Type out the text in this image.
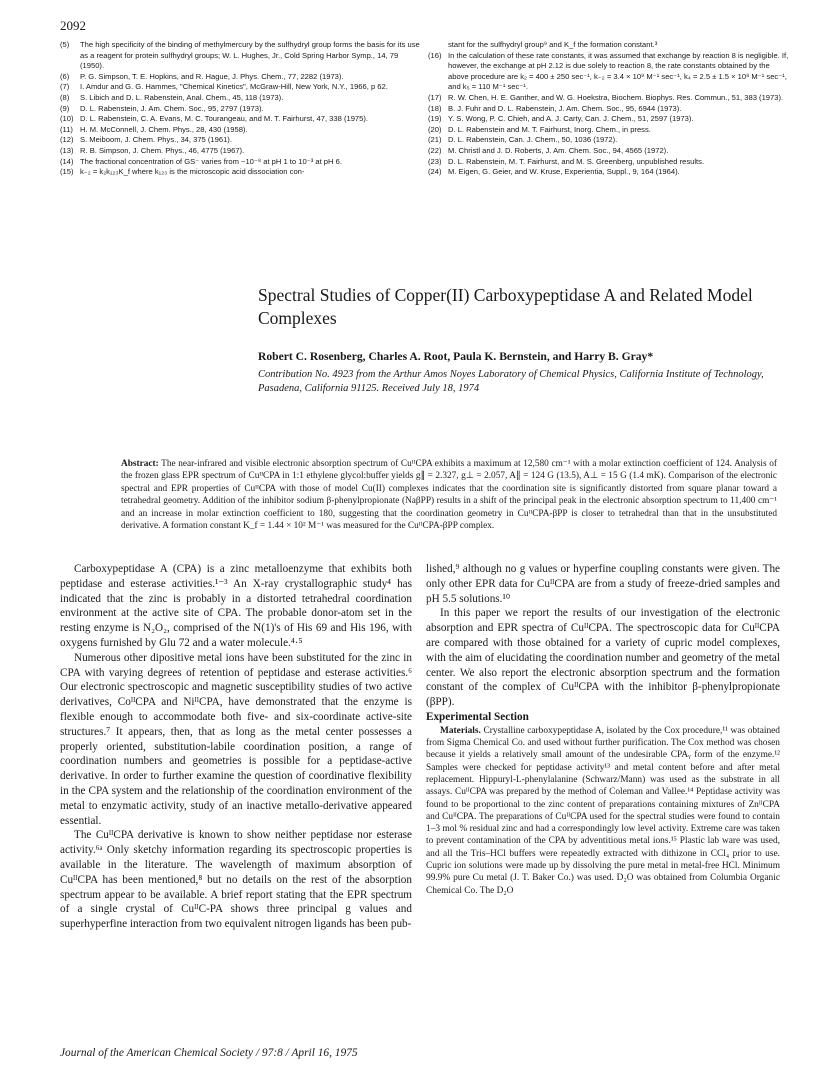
2092
(5)	The high specificity of the binding of methylmercury by the sulfhydryl group forms the basis for its use as a reagent for protein sulfhydryl groups; W. L. Hughes, Jr., Cold Spring Harbor Symp., 14, 79 (1950).
(6)	P. G. Simpson, T. E. Hopkins, and R. Hague, J. Phys. Chem., 77, 2282 (1973).
(7)	I. Amdur and G. G. Hammes, "Chemical Kinetics", McGraw-Hill, New York, N.Y., 1966, p 62.
(8)	S. Libich and D. L. Rabenstein, Anal. Chem., 45, 118 (1973).
(9)	D. L. Rabenstein, J. Am. Chem. Soc., 95, 2797 (1973).
(10) D. L. Rabenstein, C. A. Evans, M. C. Tourangeau, and M. T. Fairhurst, 47, 338 (1975).
(11) H. M. McConnell, J. Chem. Phys., 28, 430 (1958).
(12) S. Meiboom, J. Chem. Phys., 34, 375 (1961).
(13) R. B. Simpson, J. Chem. Phys., 46, 4775 (1967).
(14) The fractional concentration of GS⁻ varies from ~10⁻⁸ at pH 1 to 10⁻³ at pH 6.
(15) k₋₂ = k₂k₁₂₃K_f where k₁₂₃ is the microscopic acid dissociation con-
stant for the sulfhydryl group⁹ and K_f the formation constant.³
(16) In the calculation of these rate constants, it was assumed that exchange by reaction 8 is negligible. If, however, the exchange at pH 2.12 is due solely to reaction 8, the rate constants obtained by the above procedure are k₂ = 400 ± 250 sec⁻¹, k₋₂ = 3.4 × 10⁹ M⁻¹ sec⁻¹, k₄ = 2.5 ± 1.5 × 10⁸ M⁻¹ sec⁻¹, and k₅ = 110 M⁻¹ sec⁻¹.
(17) R. W. Chen, H. E. Ganther, and W. G. Hoekstra, Biochem. Biophys. Res. Commun., 51, 383 (1973).
(18) B. J. Fuhr and D. L. Rabenstein, J. Am. Chem. Soc., 95, 6944 (1973).
(19) Y. S. Wong, P. C. Chieh, and A. J. Carty, Can. J. Chem., 51, 2597 (1973).
(20) D. L. Rabenstein and M. T. Fairhurst, Inorg. Chem., in press.
(21) D. L. Rabenstein, Can. J. Chem., 50, 1036 (1972).
(22) M. Christl and J. D. Roberts, J. Am. Chem. Soc., 94, 4565 (1972).
(23) D. L. Rabenstein, M. T. Fairhurst, and M. S. Greenberg, unpublished results.
(24) M. Eigen, G. Geier, and W. Kruse, Experientia, Suppl., 9, 164 (1964).
Spectral Studies of Copper(II) Carboxypeptidase A and Related Model Complexes
Robert C. Rosenberg, Charles A. Root, Paula K. Bernstein, and Harry B. Gray*
Contribution No. 4923 from the Arthur Amos Noyes Laboratory of Chemical Physics, California Institute of Technology, Pasadena, California 91125. Received July 18, 1974
Abstract: The near-infrared and visible electronic absorption spectrum of CuᴵᴵCPA exhibits a maximum at 12,580 cm⁻¹ with a molar extinction coefficient of 124. Analysis of the frozen glass EPR spectrum of CuᴵᴵCPA in 1:1 ethylene glycol:buffer yields g∥ = 2.327, g⊥ = 2.057, A∥ = 124 G (13.5), A⊥ = 15 G (1.4 mK). Comparison of the electronic spectral and EPR properties of CuᴵᴵCPA with those of model Cu(II) complexes indicates that the coordination site is significantly distorted from square planar toward a tetrahedral geometry. Addition of the inhibitor sodium β-phenylpropionate (NaβPP) results in a shift of the principal peak in the electronic absorption spectrum to 11,400 cm⁻¹ and an increase in molar extinction coefficient to 180, suggesting that the coordination geometry in CuᴵᴵCPA-βPP is closer to tetrahedral than that in the unsubstituted derivative. A formation constant K_f = 1.44 × 10² M⁻¹ was measured for the CuᴵᴵCPA-βPP complex.

Carboxypeptidase A (CPA) is a zinc metalloenzyme that exhibits both peptidase and esterase activities.¹⁻³ An X-ray crystallographic study⁴ has indicated that the zinc is probably in a distorted tetrahedral coordination environment at the active site of CPA. The probable donor-atom set in the resting enzyme is N₂O₂, comprised of the N(1)'s of His 69 and His 196, with oxygens furnished by Glu 72 and a water molecule.⁴·⁵

Numerous other dipositive metal ions have been substituted for the zinc in CPA with varying degrees of retention of peptidase and esterase activities.⁶ Our electronic spectroscopic and magnetic susceptibility studies of two active derivatives, CoᴵᴵCPA and NiᴵᴵCPA, have demonstrated that the enzyme is flexible enough to accommodate both five- and six-coordinate active-site structures.⁷ It appears, then, that as long as the metal center possesses a properly oriented, substitution-labile coordination position, a range of coordination numbers and geometries is possible for a peptidase-active derivative. In order to further examine the question of coordinative flexibility in the CPA system and the relationship of the coordination environment of the metal to enzymatic activity, study of an inactive metallo-derivative appeared essential.

The CuᴵᴵCPA derivative is known to show neither peptidase nor esterase activity.⁶ᵃ Only sketchy information regarding its spectroscopic properties is available in the literature. The wavelength of maximum absorption of CuᴵᴵCPA has been mentioned,⁸ but no details on the rest of the absorption spectrum appear to be available. A brief report stating that the EPR spectrum of a single crystal of CuᴵᴵC-PA shows three principal g values and superhyperfine interaction from two equivalent nitrogen ligands has been pub-

lished,⁹ although no g values or hyperfine coupling constants were given. The only other EPR data for CuᴵᴵCPA are from a study of freeze-dried samples and pH 5.5 solutions.¹⁰

In this paper we report the results of our investigation of the electronic absorption and EPR spectra of CuᴵᴵCPA. The spectroscopic data for CuᴵᴵCPA are compared with those obtained for a variety of cupric model complexes, with the aim of elucidating the coordination number and geometry of the metal center. We also report the electronic absorption spectrum and the formation constant of the complex of CuᴵᴵCPA with the inhibitor β-phenylpropionate (βPP).

Experimental Section

Materials. Crystalline carboxypeptidase A, isolated by the Cox procedure,¹¹ was obtained from Sigma Chemical Co. and used without further purification. The Cox method was chosen because it yields a relatively small amount of the undesirable CPAᵧ form of the enzyme.¹² Samples were checked for peptidase activity¹³ and metal content before and after metal replacement. Hippuryl-L-phenylalanine (Schwarz/Mann) was used as the substrate in all assays. CuᴵᴵCPA was prepared by the method of Coleman and Vallee.¹⁴ Peptidase activity was found to be proportional to the zinc content of preparations containing mixtures of ZnᴵᴵCPA and CuᴵᴵCPA. The preparations of CuᴵᴵCPA used for the spectral studies were found to contain 1–3 mol % residual zinc and had a correspondingly low level activity. Extreme care was taken to prevent contamination of the CPA by adventitious metal ions.¹⁵ Plastic lab ware was used, and all the Tris–HCl buffers were repeatedly extracted with dithizone in CCl₄ prior to use. Cupric ion solutions were made up by dissolving the pure metal in metal-free HCl. Minimum 99.9% pure Cu metal (J. T. Baker Co.) was used. D₂O was obtained from Columbia Organic Chemical Co. The D₂O

Journal of the American Chemical Society / 97:8 / April 16, 1975
